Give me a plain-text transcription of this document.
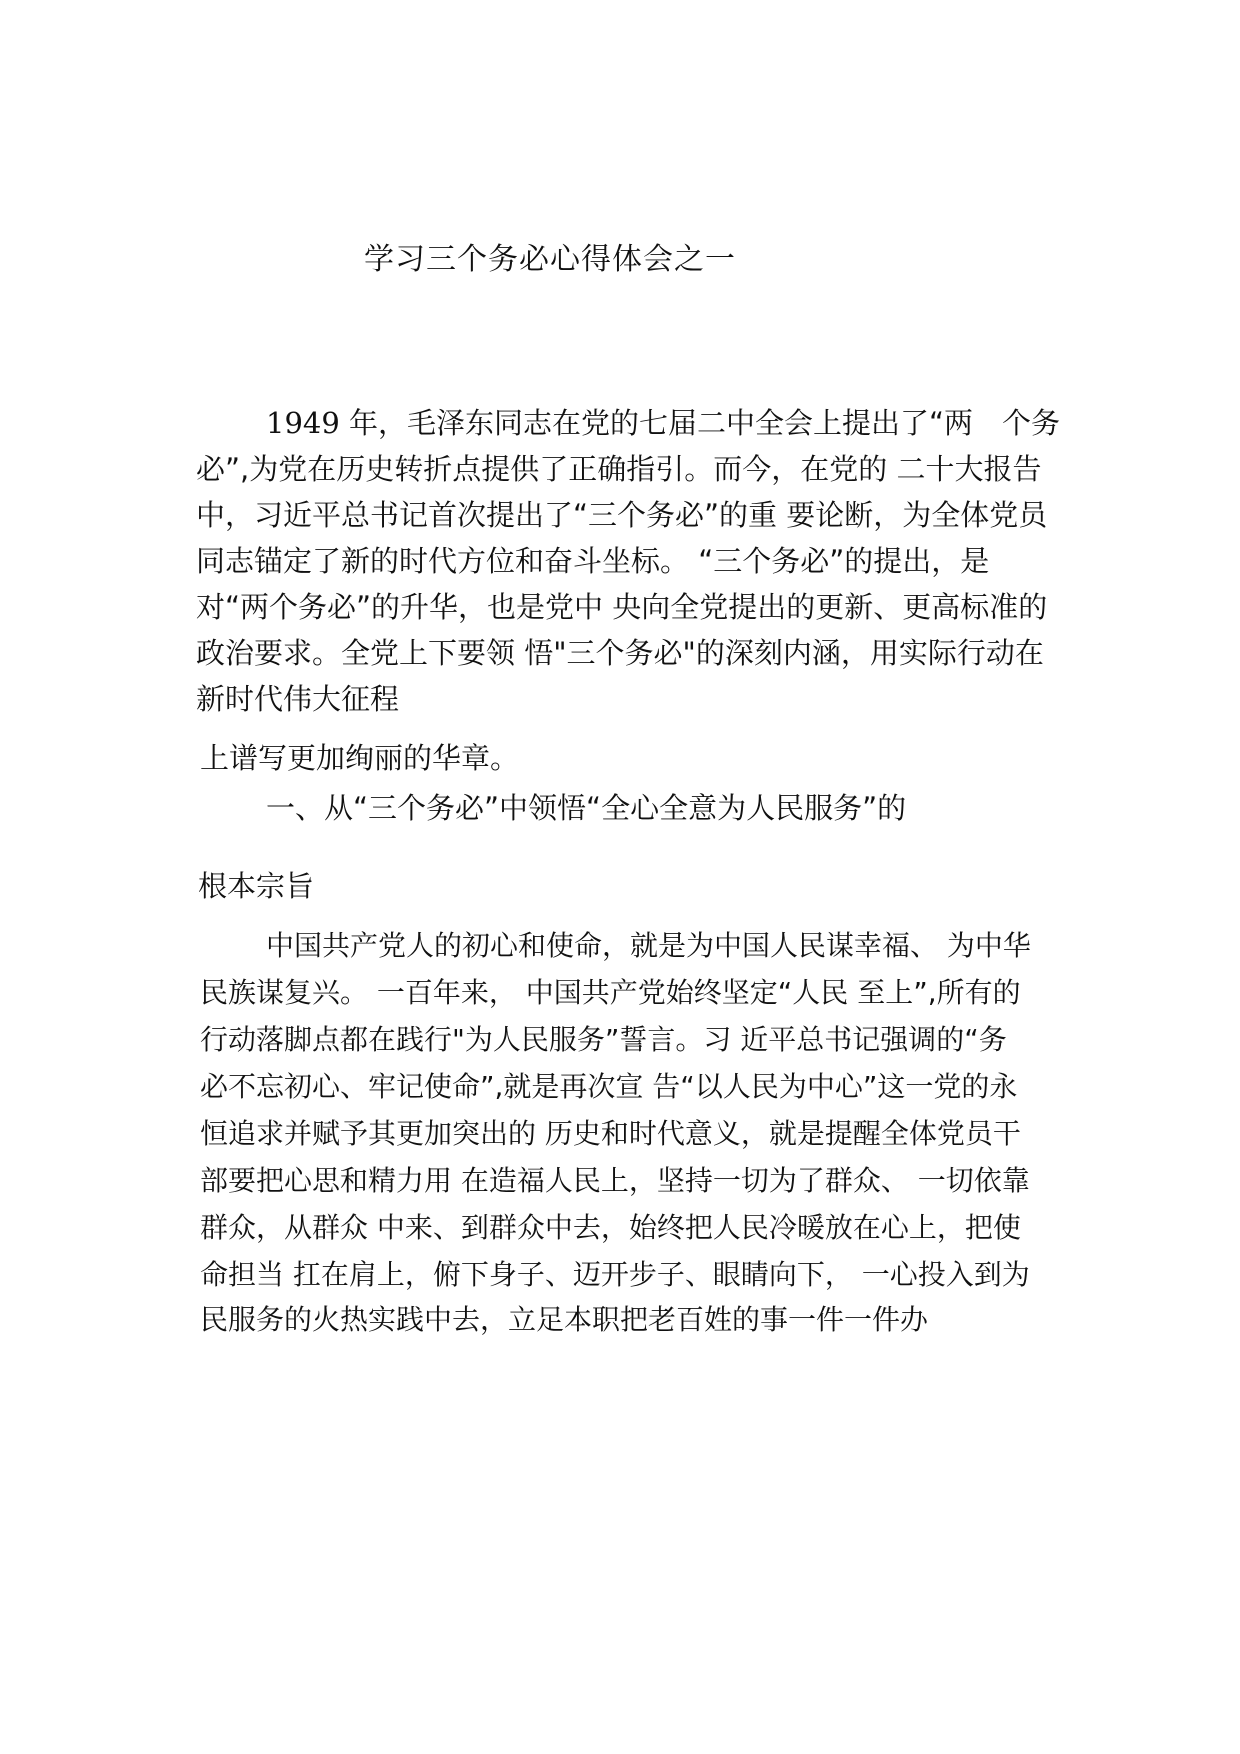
学习三个务必心得体会之一
1949 年，毛泽东同志在党的七届二中全会上提出了“两　个务
必”,为党在历史转折点提供了正确指引。而今，在党的 二十大报告
中，习近平总书记首次提出了“三个务必”的重 要论断，为全体党员
同志锚定了新的时代方位和奋斗坐标。 “三个务必”的提出，是
对“两个务必”的升华，也是党中 央向全党提出的更新、更高标准的
政治要求。全党上下要领 悟"三个务必"的深刻内涵，用实际行动在
新时代伟大征程
上谱写更加绚丽的华章。
一、从“三个务必”中领悟“全心全意为人民服务”的
根本宗旨
中国共产党人的初心和使命，就是为中国人民谋幸福、 为中华
民族谋复兴。 一百年来， 中国共产党始终坚定“人民 至上”,所有的
行动落脚点都在践行"为人民服务”誓言。习 近平总书记强调的“务
必不忘初心、牢记使命”,就是再次宣 告“以人民为中心”这一党的永
恒追求并赋予其更加突出的 历史和时代意义，就是提醒全体党员干
部要把心思和精力用 在造福人民上，坚持一切为了群众、 一切依靠
群众，从群众 中来、到群众中去，始终把人民冷暖放在心上，把使
命担当 扛在肩上，俯下身子、迈开步子、眼睛向下， 一心投入到为
民服务的火热实践中去，立足本职把老百姓的事一件一件办
